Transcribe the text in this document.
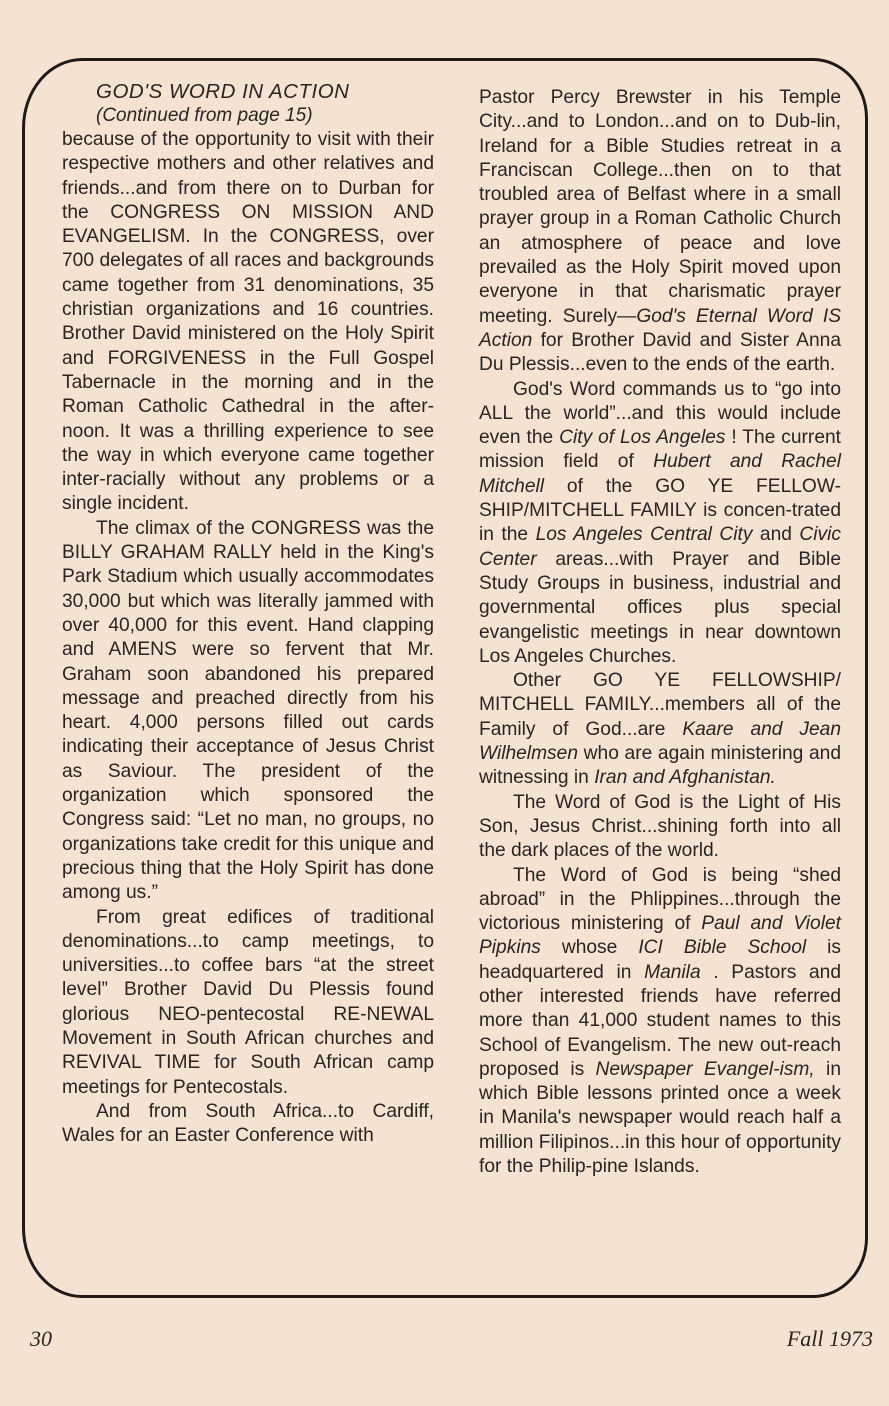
GOD'S WORD IN ACTION

(Continued from page 15)

because of the opportunity to visit with their respective mothers and other relatives and friends...and from there on to Durban for the CONGRESS ON MISSION AND EVANGELISM. In the CONGRESS, over 700 delegates of all races and backgrounds came together from 31 denominations, 35 christian organizations and 16 countries. Brother David ministered on the Holy Spirit and FORGIVENESS in the Full Gospel Tabernacle in the morning and in the Roman Catholic Cathedral in the after-noon. It was a thrilling experience to see the way in which everyone came together inter-racially without any problems or a single incident.

The climax of the CONGRESS was the BILLY GRAHAM RALLY held in the King's Park Stadium which usually accommodates 30,000 but which was literally jammed with over 40,000 for this event. Hand clapping and AMENS were so fervent that Mr. Graham soon abandoned his prepared message and preached directly from his heart. 4,000 persons filled out cards indicating their acceptance of Jesus Christ as Saviour. The president of the organization which sponsored the Congress said: “Let no man, no groups, no organizations take credit for this unique and precious thing that the Holy Spirit has done among us.”

From great edifices of traditional denominations...to camp meetings, to universities...to coffee bars “at the street level” Brother David Du Plessis found glorious NEO-pentecostal RE-NEWAL Movement in South African churches and REVIVAL TIME for South African camp meetings for Pentecostals.

And from South Africa...to Cardiff, Wales for an Easter Conference with

Pastor Percy Brewster in his Temple City...and to London...and on to Dub-lin, Ireland for a Bible Studies retreat in a Franciscan College...then on to that troubled area of Belfast where in a small prayer group in a Roman Catholic Church an atmosphere of peace and love prevailed as the Holy Spirit moved upon everyone in that charismatic prayer meeting. Surely—God's Eternal Word IS Action for Brother David and Sister Anna Du Plessis...even to the ends of the earth.

God's Word commands us to “go into ALL the world”...and this would include even the City of Los Angeles ! The current mission field of Hubert and Rachel Mitchell of the GO YE FELLOW-SHIP/MITCHELL FAMILY is concen-trated in the Los Angeles Central City and Civic Center areas...with Prayer and Bible Study Groups in business, industrial and governmental offices plus special evangelistic meetings in near downtown Los Angeles Churches.

Other GO YE FELLOWSHIP/ MITCHELL FAMILY...members all of the Family of God...are Kaare and Jean Wilhelmsen who are again ministering and witnessing in Iran and Afghanistan.

The Word of God is the Light of His Son, Jesus Christ...shining forth into all the dark places of the world.

The Word of God is being “shed abroad” in the Phlippines...through the victorious ministering of Paul and Violet Pipkins whose ICI Bible School is headquartered in Manila . Pastors and other interested friends have referred more than 41,000 student names to this School of Evangelism. The new out-reach proposed is Newspaper Evangel-ism, in which Bible lessons printed once a week in Manila's newspaper would reach half a million Filipinos...in this hour of opportunity for the Philip-pine Islands.

30	Fall 1973
